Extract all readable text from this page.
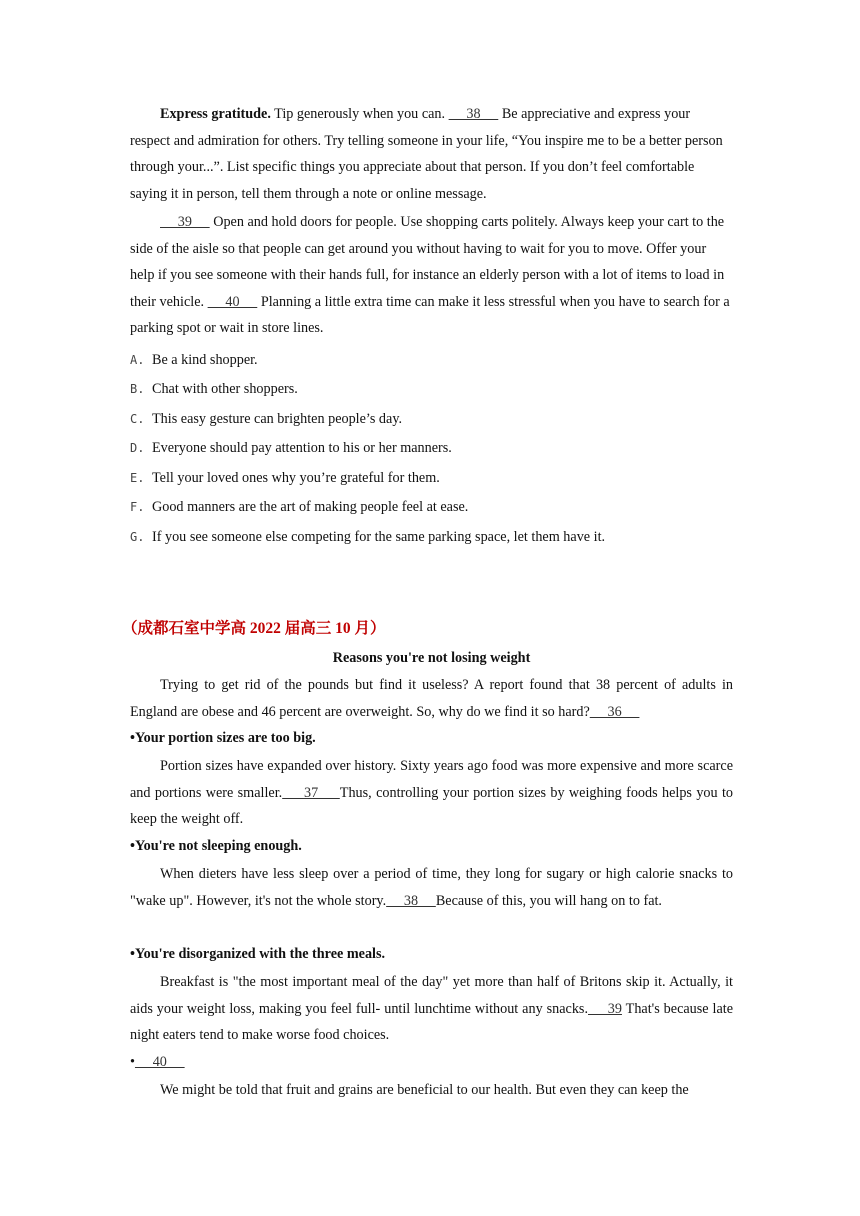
Express gratitude. Tip generously when you can.      38      Be appreciative and express your respect and admiration for others. Try telling someone in your life, “You inspire me to be a better person through your...”. List specific things you appreciate about that person. If you don’t feel comfortable saying it in person, tell them through a note or online message.

39      Open and hold doors for people. Use shopping carts politely. Always keep your cart to the side of the aisle so that people can get around you without having to wait for you to move. Offer your help if you see someone with their hands full, for instance an elderly person with a lot of items to load in their vehicle.      40      Planning a little extra time can make it less stressful when you have to search for a parking spot or wait in store lines.

A. Be a kind shopper.
B. Chat with other shoppers.
C. This easy gesture can brighten people’s day.
D. Everyone should pay attention to his or her manners.
E. Tell your loved ones why you’re grateful for them.
F. Good manners are the art of making people feel at ease.
G. If you see someone else competing for the same parking space, let them have it.
（成都石室中学高 2022 届高三 10 月）
Reasons you're not losing weight

Trying to get rid of the pounds but find it useless? A report found that 38 percent of adults in England are obese and 46 percent are overweight. So, why do we find it so hard?     36

•Your portion sizes are too big.

Portion sizes have expanded over history. Sixty years ago food was more expensive and more scarce and portions were smaller.     37     Thus, controlling your portion sizes by weighing foods helps you to keep the weight off.

•You're not sleeping enough.

When dieters have less sleep over a period of time, they long for sugary or high calorie snacks to "wake up". However, it's not the whole story.     38     Because of this, you will hang on to fat.

•You're disorganized with the three meals.

Breakfast is "the most important meal of the day" yet more than half of Britons skip it. Actually, it aids your weight loss, making you feel full- until lunchtime without any snacks.     39 That's because late night eaters tend to make worse food choices.

•     40

We might be told that fruit and grains are beneficial to our health. But even they can keep the
